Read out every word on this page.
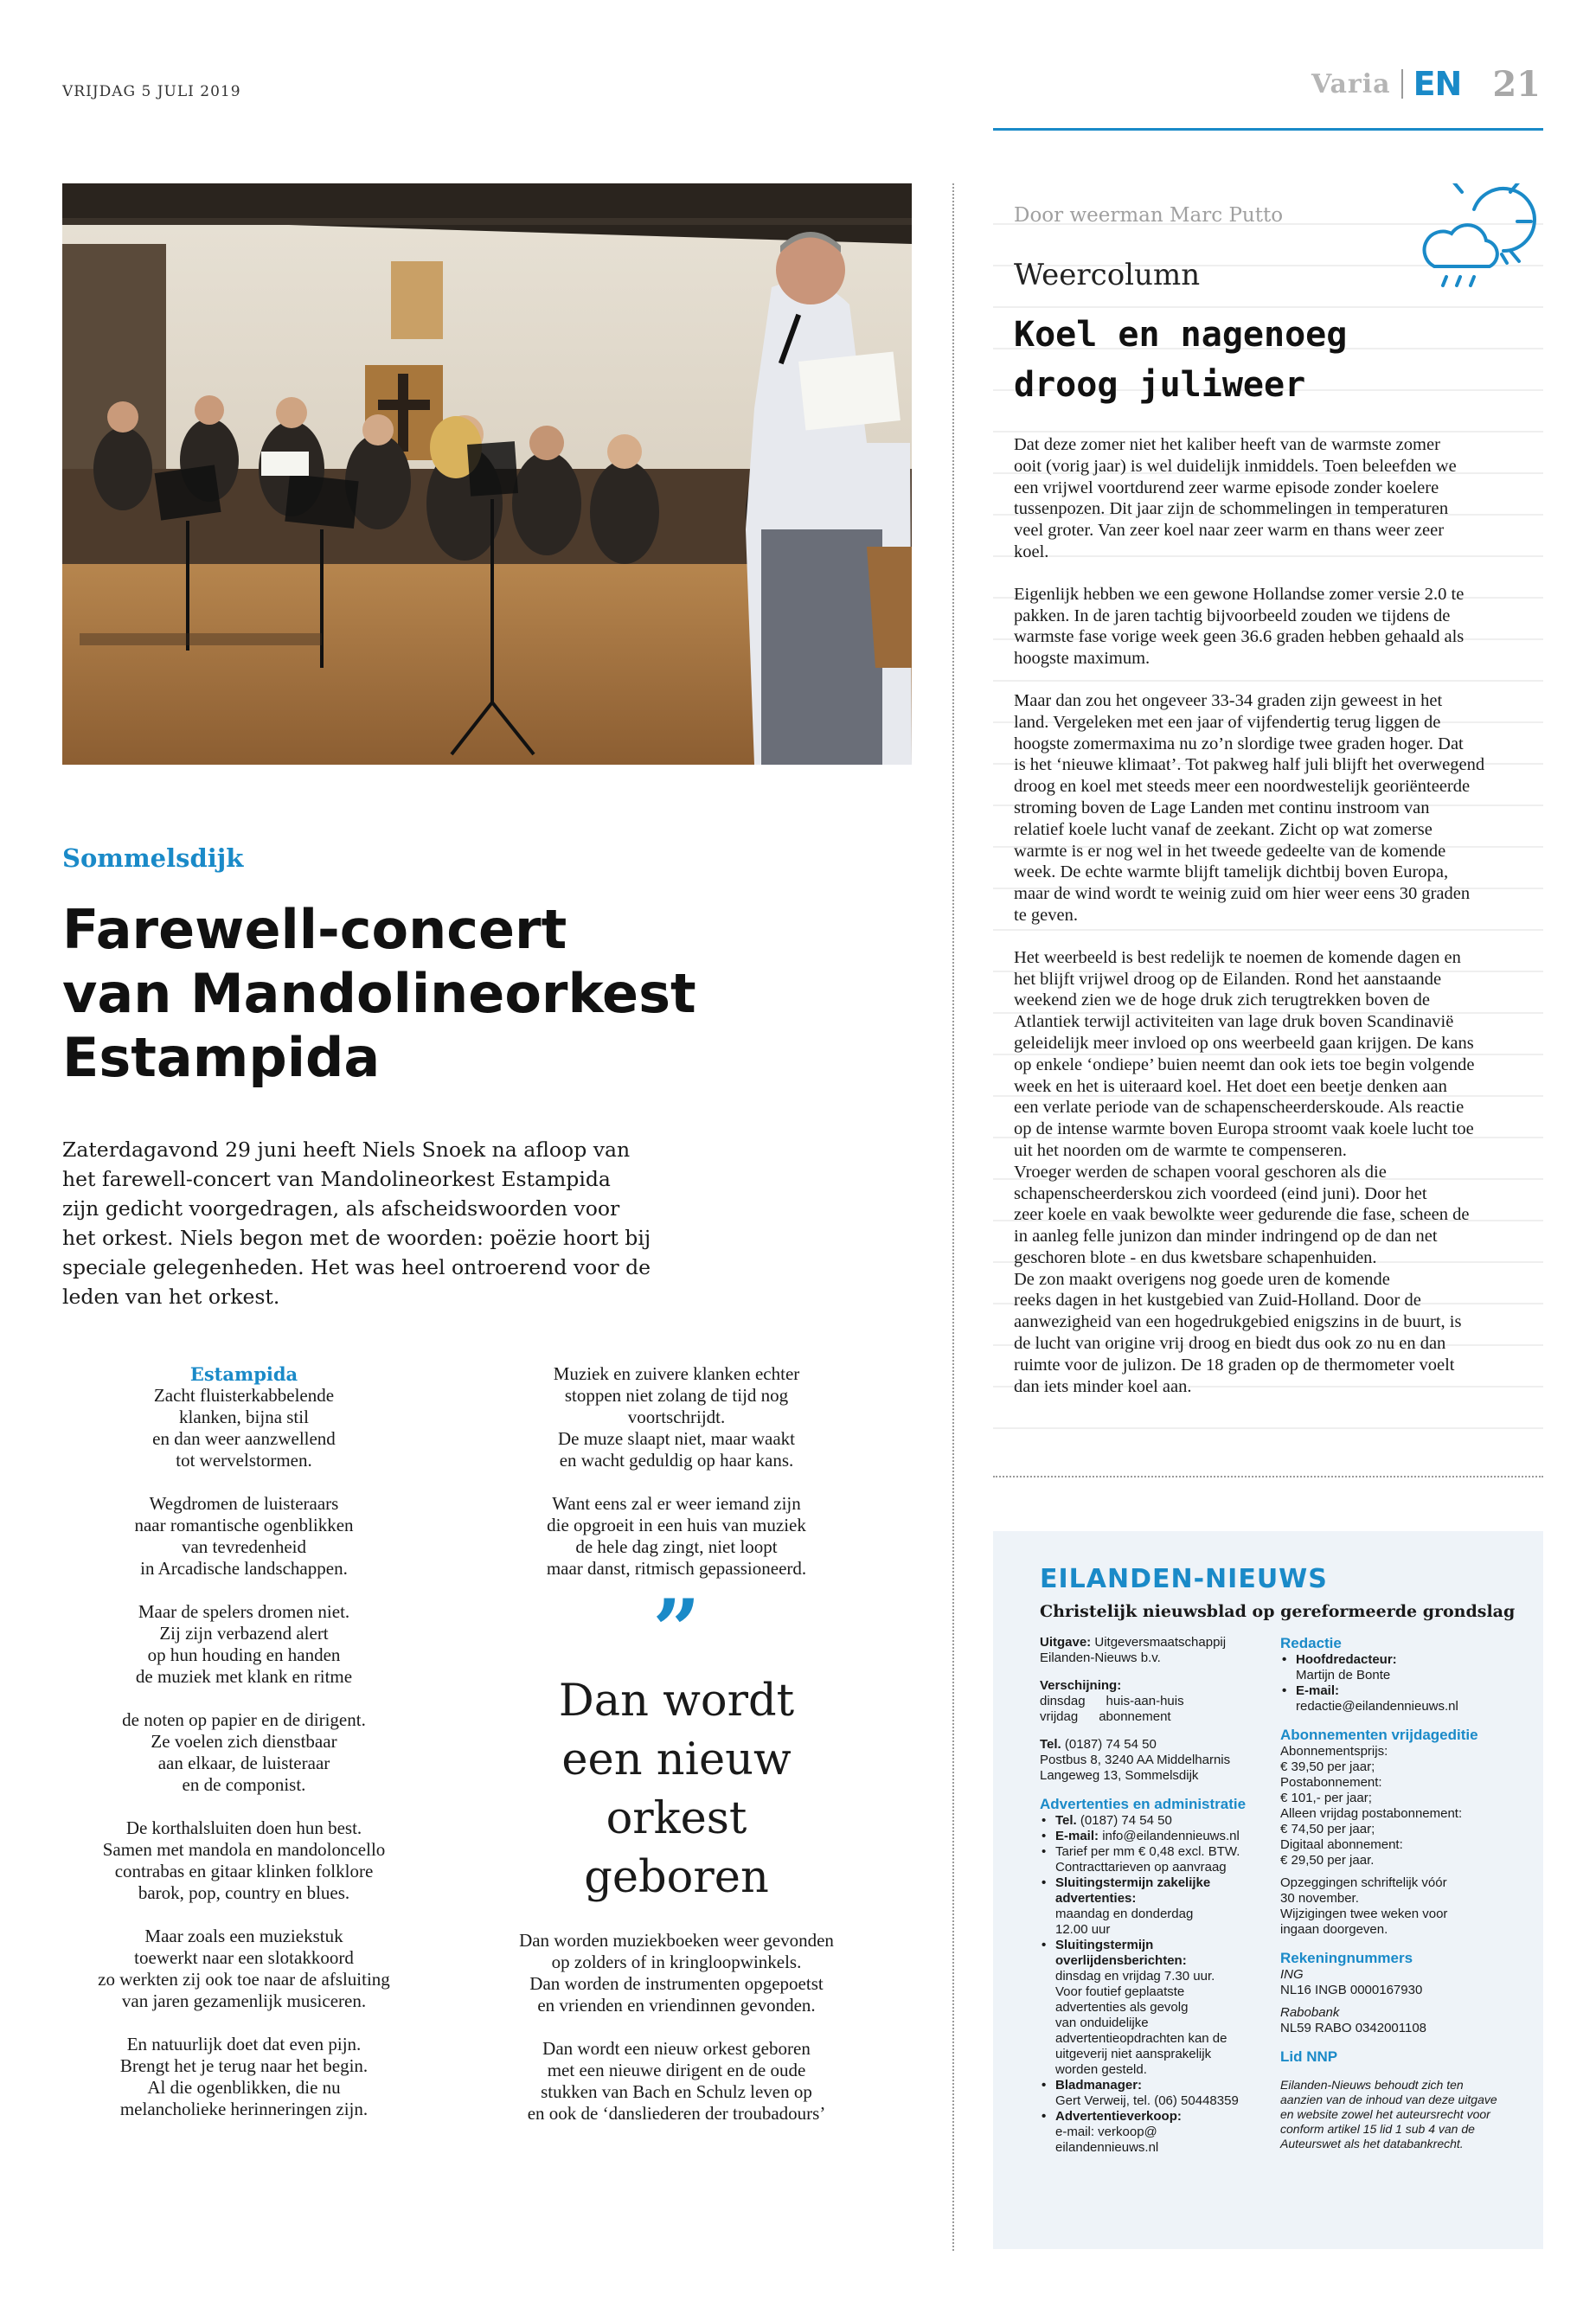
VRIJDAG 5 JULI 2019	Varia EN 21
Sommelsdijk
Farewell-concert
van Mandolineorkest
Estampida
Zaterdagavond 29 juni heeft Niels Snoek na afloop van
het farewell-concert van Mandolineorkest Estampida
zijn gedicht voorgedragen, als afscheidswoorden voor
het orkest. Niels begon met de woorden: poëzie hoort bij
speciale gelegenheden. Het was heel ontroerend voor de
leden van het orkest.
Estampida
Zacht fluisterkabbelende
klanken, bijna stil
en dan weer aanzwellend
tot wervelstormen.
Wegdromen de luisteraars
naar romantische ogenblikken
van tevredenheid
in Arcadische landschappen.
Maar de spelers dromen niet.
Zij zijn verbazend alert
op hun houding en handen
de muziek met klank en ritme
de noten op papier en de dirigent.
Ze voelen zich dienstbaar
aan elkaar, de luisteraar
en de componist.
De korthalsluiten doen hun best.
Samen met mandola en mandoloncello
contrabas en gitaar klinken folklore
barok, pop, country en blues.
Maar zoals een muziekstuk
toewerkt naar een slotakkoord
zo werkten zij ook toe naar de afsluiting
van jaren gezamenlijk musiceren.
En natuurlijk doet dat even pijn.
Brengt het je terug naar het begin.
Al die ogenblikken, die nu
melancholieke herinneringen zijn.
Muziek en zuivere klanken echter
stoppen niet zolang de tijd nog
voortschrijdt.
De muze slaapt niet, maar waakt
en wacht geduldig op haar kans.
Want eens zal er weer iemand zijn
die opgroeit in een huis van muziek
de hele dag zingt, niet loopt
maar danst, ritmisch gepassioneerd.
”
Dan wordt
een nieuw
orkest
geboren
Dan worden muziekboeken weer gevonden
op zolders of in kringloopwinkels.
Dan worden de instrumenten opgepoetst
en vrienden en vriendinnen gevonden.
Dan wordt een nieuw orkest geboren
met een nieuwe dirigent en de oude
stukken van Bach en Schulz leven op
en ook de ‘dansliederen der troubadours’
Door weerman Marc Putto
Weercolumn
Koel en nagenoeg
droog juliweer

Dat deze zomer niet het kaliber heeft van de warmste zomer
ooit (vorig jaar) is wel duidelijk inmiddels. Toen beleefden we
een vrijwel voortdurend zeer warme episode zonder koelere
tussenpozen. Dit jaar zijn de schommelingen in temperaturen
veel groter. Van zeer koel naar zeer warm en thans weer zeer
koel.

Eigenlijk hebben we een gewone Hollandse zomer versie 2.0 te
pakken. In de jaren tachtig bijvoorbeeld zouden we tijdens de
warmste fase vorige week geen 36.6 graden hebben gehaald als
hoogste maximum.

Maar dan zou het ongeveer 33-34 graden zijn geweest in het
land. Vergeleken met een jaar of vijfendertig terug liggen de
hoogste zomermaxima nu zo’n slordige twee graden hoger. Dat
is het ‘nieuwe klimaat’. Tot pakweg half juli blijft het overwegend
droog en koel met steeds meer een noordwestelijk georiënteerde
stroming boven de Lage Landen met continu instroom van
relatief koele lucht vanaf de zeekant. Zicht op wat zomerse
warmte is er nog wel in het tweede gedeelte van de komende
week. De echte warmte blijft tamelijk dichtbij boven Europa,
maar de wind wordt te weinig zuid om hier weer eens 30 graden
te geven.

Het weerbeeld is best redelijk te noemen de komende dagen en
het blijft vrijwel droog op de Eilanden. Rond het aanstaande
weekend zien we de hoge druk zich terugtrekken boven de
Atlantiek terwijl activiteiten van lage druk boven Scandinavië
geleidelijk meer invloed op ons weerbeeld gaan krijgen. De kans
op enkele ‘ondiepe’ buien neemt dan ook iets toe begin volgende
week en het is uiteraard koel. Het doet een beetje denken aan
een verlate periode van de schapenscheerderskoude. Als reactie
op de intense warmte boven Europa stroomt vaak koele lucht toe
uit het noorden om de warmte te compenseren.

Vroeger werden de schapen vooral geschoren als die
schapenscheerderskou zich voordeed (eind juni). Door het
zeer koele en vaak bewolkte weer gedurende die fase, scheen de
in aanleg felle junizon dan minder indringend op de dan net
geschoren blote - en dus kwetsbare schapenhuiden.

De zon maakt overigens nog goede uren de komende
reeks dagen in het kustgebied van Zuid-Holland. Door de
aanwezigheid van een hogedrukgebied enigszins in de buurt, is
de lucht van origine vrij droog en biedt dus ook zo nu en dan
ruimte voor de julizon. De 18 graden op de thermometer voelt
dan iets minder koel aan.

EILANDEN-NIEUWS
Christelijk nieuwsblad op gereformeerde grondslag
Uitgave: Uitgeversmaatschappij
Eilanden-Nieuws b.v.
Verschijning:
dinsdag huis-aan-huis
vrijdag abonnement
Tel. (0187) 74 54 50
Postbus 8, 3240 AA Middelharnis
Langeweg 13, Sommelsdijk
Advertenties en administratie
• Tel. (0187) 74 54 50
• E-mail: info@eilandennieuws.nl
• Tarief per mm € 0,48 excl. BTW.
Contracttarieven op aanvraag
• Sluitingstermijn zakelijke advertenties:
maandag en donderdag
12.00 uur
• Sluitingstermijn overlijdensberichten:
dinsdag en vrijdag 7.30 uur.
Voor foutief geplaatste
advertenties als gevolg
van onduidelijke
advertentieopdrachten kan de
uitgeverij niet aansprakelijk
worden gesteld.
• Bladmanager:
Gert Verweij, tel. (06) 50448359
• Advertentieverkoop:
e-mail: verkoop@
eilandennieuws.nl
Redactie
• Hoofdredacteur:
Martijn de Bonte
• E-mail:
redactie@eilandennieuws.nl
Abonnementen vrijdageditie
Abonnementsprijs:
€ 39,50 per jaar;
Postabonnement:
€ 101,- per jaar;
Alleen vrijdag postabonnement:
€ 74,50 per jaar;
Digitaal abonnement:
€ 29,50 per jaar.
Opzeggingen schriftelijk vóór
30 november.
Wijzigingen twee weken voor
ingaan doorgeven.
Rekeningnummers
ING
NL16 INGB 0000167930
Rabobank
NL59 RABO 0342001108
Lid NNP
Eilanden-Nieuws behoudt zich ten
aanzien van de inhoud van deze uitgave
en website zowel het auteursrecht voor
conform artikel 15 lid 1 sub 4 van de
Auteurswet als het databankrecht.
